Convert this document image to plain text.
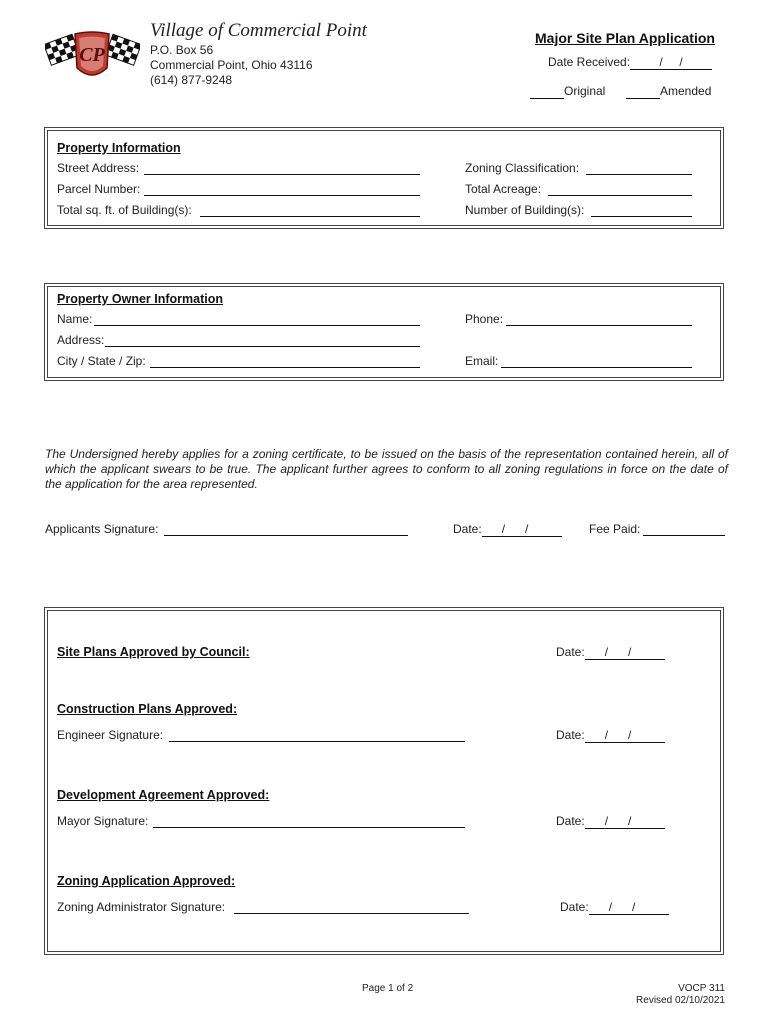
CP
Village of Commercial Point
P.O. Box 56
Commercial Point, Ohio 43116
(614) 877-9248
Major Site Plan Application
Date Received:    /     /
Original	Amended
Property Information
Street Address:
Parcel Number:
Total sq. ft. of Building(s):
Zoning Classification:
Total Acreage:
Number of Building(s):
Property Owner Information
Name:
Address:
City / State / Zip:
Phone:
Email:
The Undersigned hereby applies for a zoning certificate, to be issued on the basis of the representation contained herein, all of which the applicant swears to be true. The applicant further agrees to conform to all zoning regulations in force on the date of the application for the area represented.
Applicants Signature:	Date:      /      /	Fee Paid:
Site Plans Approved by Council:	Date:      /      /
Construction Plans Approved:
Engineer Signature:	Date:      /      /
Development Agreement Approved:
Mayor Signature:	Date:      /      /
Zoning Application Approved:
Zoning Administrator Signature:	Date:      /      /
Page 1 of 2	VOCP 311
Revised 02/10/2021
